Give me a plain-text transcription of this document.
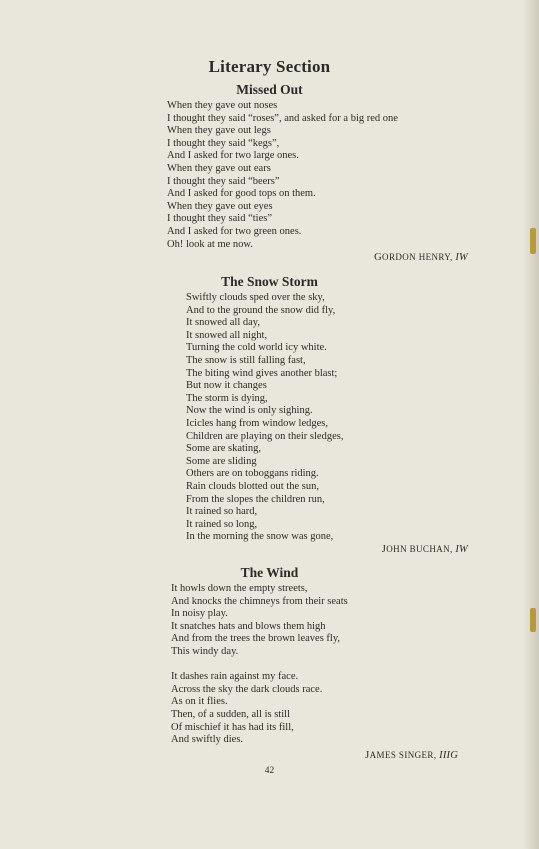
Literary Section
Missed Out
When they gave out noses
I thought they said “roses”, and asked for a big red one
When they gave out legs
I thought they said “kegs”,
And I asked for two large ones.
When they gave out ears
I thought they said “beers”
And I asked for good tops on them.
When they gave out eyes
I thought they said “ties”
And I asked for two green ones.
Oh! look at me now.
GORDON HENRY, IW
The Snow Storm
Swiftly clouds sped over the sky,
And to the ground the snow did fly,
It snowed all day,
It snowed all night,
Turning the cold world icy white.
The snow is still falling fast,
The biting wind gives another blast;
But now it changes
The storm is dying,
Now the wind is only sighing.
Icicles hang from window ledges,
Children are playing on their sledges,
Some are skating,
Some are sliding
Others are on toboggans riding.
Rain clouds blotted out the sun,
From the slopes the children run,
It rained so hard,
It rained so long,
In the morning the snow was gone,
JOHN BUCHAN, IW
The Wind
It howls down the empty streets,
And knocks the chimneys from their seats
In noisy play.
It snatches hats and blows them high
And from the trees the brown leaves fly,
This windy day.
It dashes rain against my face.
Across the sky the dark clouds race.
As on it flies.
Then, of a sudden, all is still
Of mischief it has had its fill,
And swiftly dies.
JAMES SINGER, IIIG
42
